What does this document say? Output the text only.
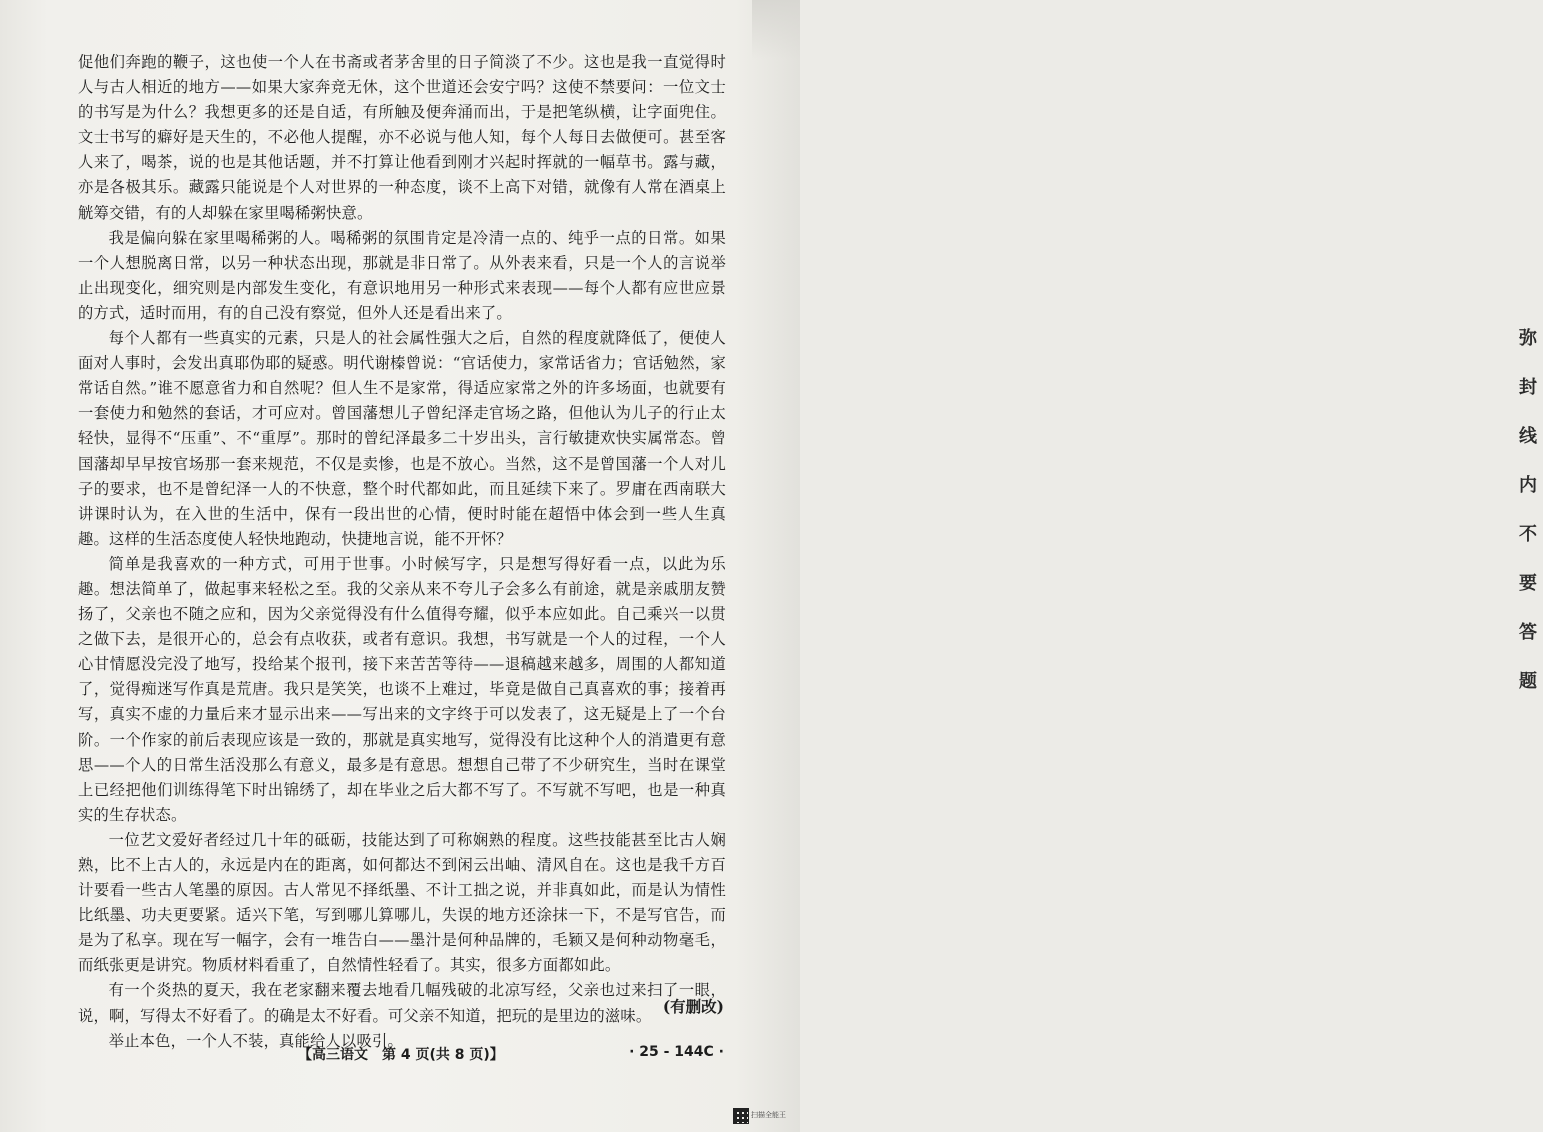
促他们奔跑的鞭子，这也使一个人在书斋或者茅舍里的日子简淡了不少。这也是我一直觉得时人与古人相近的地方——如果大家奔竞无休，这个世道还会安宁吗？这使不禁要问：一位文士的书写是为什么？我想更多的还是自适，有所触及便奔涌而出，于是把笔纵横，让字面兜住。文士书写的癖好是天生的，不必他人提醒，亦不必说与他人知，每个人每日去做便可。甚至客人来了，喝茶，说的也是其他话题，并不打算让他看到刚才兴起时挥就的一幅草书。露与藏，亦是各极其乐。藏露只能说是个人对世界的一种态度，谈不上高下对错，就像有人常在酒桌上觥筹交错，有的人却躲在家里喝稀粥快意。

我是偏向躲在家里喝稀粥的人。喝稀粥的氛围肯定是冷清一点的、纯乎一点的日常。如果一个人想脱离日常，以另一种状态出现，那就是非日常了。从外表来看，只是一个人的言说举止出现变化，细究则是内部发生变化，有意识地用另一种形式来表现——每个人都有应世应景的方式，适时而用，有的自己没有察觉，但外人还是看出来了。

每个人都有一些真实的元素，只是人的社会属性强大之后，自然的程度就降低了，便使人面对人事时，会发出真耶伪耶的疑惑。明代谢榛曾说：“官话使力，家常话省力；官话勉然，家常话自然。”谁不愿意省力和自然呢？但人生不是家常，得适应家常之外的许多场面，也就要有一套使力和勉然的套话，才可应对。曾国藩想儿子曾纪泽走官场之路，但他认为儿子的行止太轻快，显得不“压重”、不“重厚”。那时的曾纪泽最多二十岁出头，言行敏捷欢快实属常态。曾国藩却早早按官场那一套来规范，不仅是卖惨，也是不放心。当然，这不是曾国藩一个人对儿子的要求，也不是曾纪泽一人的不快意，整个时代都如此，而且延续下来了。罗庸在西南联大讲课时认为，在入世的生活中，保有一段出世的心情，便时时能在超悟中体会到一些人生真趣。这样的生活态度使人轻快地跑动，快捷地言说，能不开怀？

简单是我喜欢的一种方式，可用于世事。小时候写字，只是想写得好看一点，以此为乐趣。想法简单了，做起事来轻松之至。我的父亲从来不夸儿子会多么有前途，就是亲戚朋友赞扬了，父亲也不随之应和，因为父亲觉得没有什么值得夸耀，似乎本应如此。自己乘兴一以贯之做下去，是很开心的，总会有点收获，或者有意识。我想，书写就是一个人的过程，一个人心甘情愿没完没了地写，投给某个报刊，接下来苦苦等待——退稿越来越多，周围的人都知道了，觉得痴迷写作真是荒唐。我只是笑笑，也谈不上难过，毕竟是做自己真喜欢的事；接着再写，真实不虚的力量后来才显示出来——写出来的文字终于可以发表了，这无疑是上了一个台阶。一个作家的前后表现应该是一致的，那就是真实地写，觉得没有比这种个人的消遣更有意思——个人的日常生活没那么有意义，最多是有意思。想想自己带了不少研究生，当时在课堂上已经把他们训练得笔下时出锦绣了，却在毕业之后大都不写了。不写就不写吧，也是一种真实的生存状态。

一位艺文爱好者经过几十年的砥砺，技能达到了可称娴熟的程度。这些技能甚至比古人娴熟，比不上古人的，永远是内在的距离，如何都达不到闲云出岫、清风自在。这也是我千方百计要看一些古人笔墨的原因。古人常见不择纸墨、不计工拙之说，并非真如此，而是认为情性比纸墨、功夫更要紧。适兴下笔，写到哪儿算哪儿，失误的地方还涂抹一下，不是写官告，而是为了私享。现在写一幅字，会有一堆告白——墨汁是何种品牌的，毛颖又是何种动物毫毛，而纸张更是讲究。物质材料看重了，自然情性轻看了。其实，很多方面都如此。

有一个炎热的夏天，我在老家翻来覆去地看几幅残破的北凉写经，父亲也过来扫了一眼，说，啊，写得太不好看了。的确是太不好看。可父亲不知道，把玩的是里边的滋味。

举止本色，一个人不装，真能给人以吸引。

(有删改)
【高三语文　第 4 页(共 8 页)】	· 25 - 144C ·
弥
封
线
内
不
要
答
题
扫描全能王
